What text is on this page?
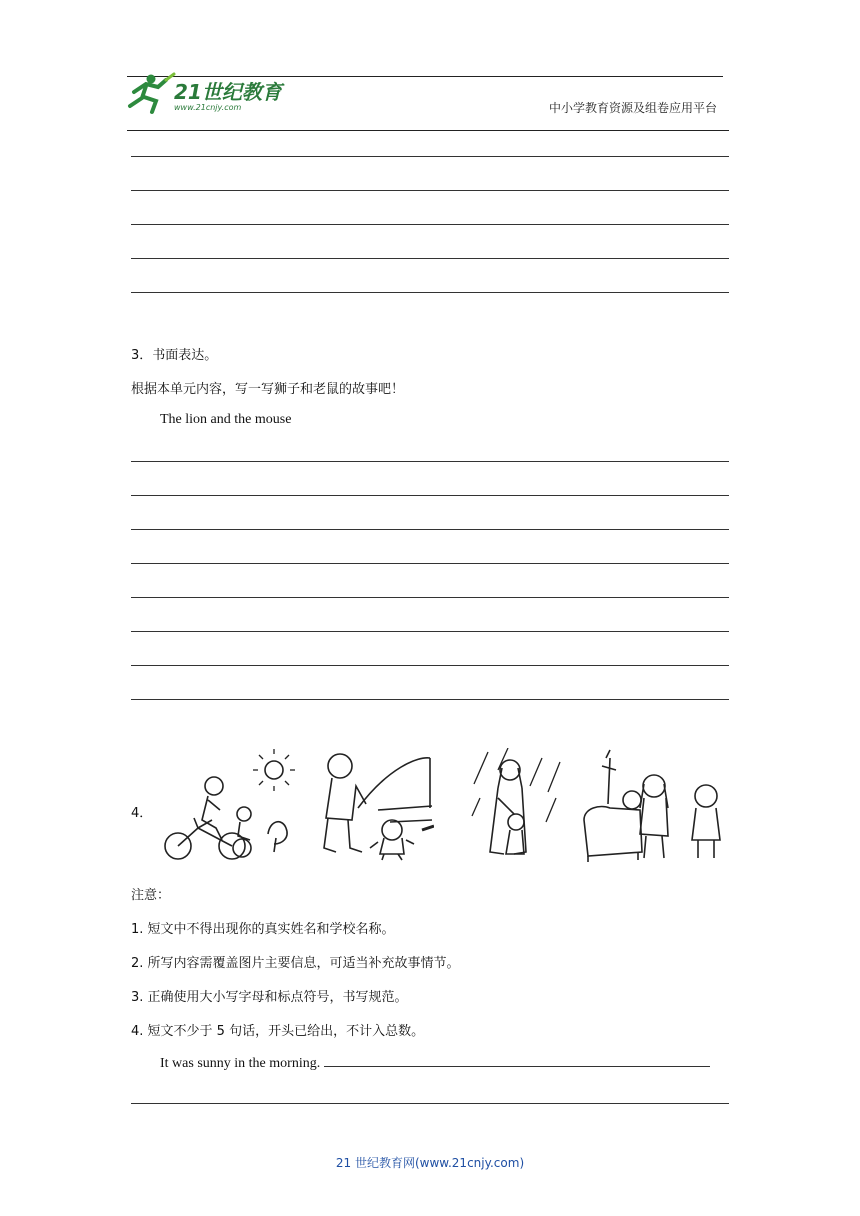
21世纪教育
www.21cnjy.com	中小学教育资源及组卷应用平台
3．书面表达。
根据本单元内容，写一写狮子和老鼠的故事吧！
The lion and the mouse
4．
注意：
1. 短文中不得出现你的真实姓名和学校名称。
2. 所写内容需覆盖图片主要信息，可适当补充故事情节。
3. 正确使用大小写字母和标点符号，书写规范。
4. 短文不少于 5 句话，开头已给出，不计入总数。
It was sunny in the morning.
21 世纪教育网(www.21cnjy.com)
